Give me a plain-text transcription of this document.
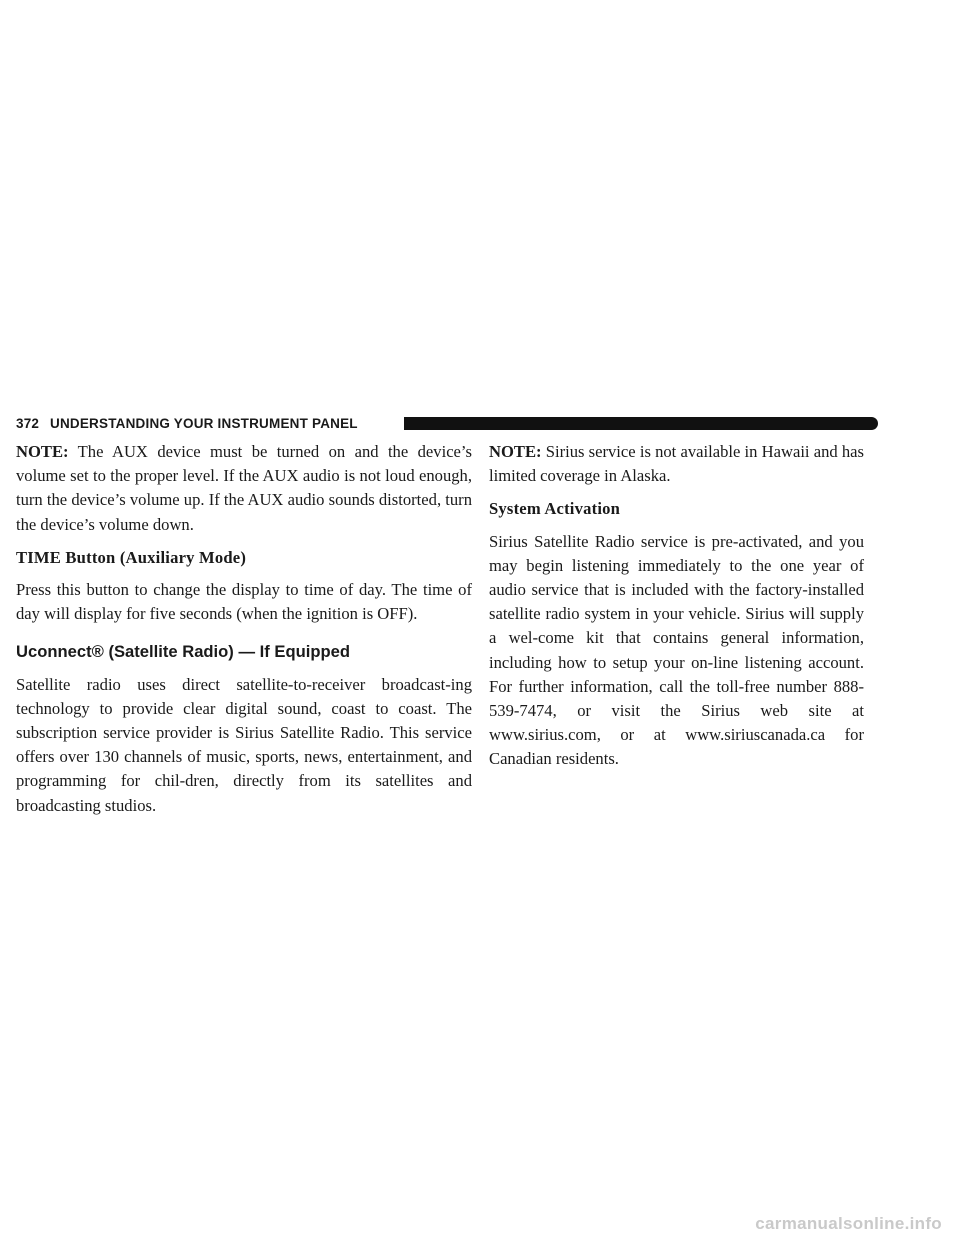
372 UNDERSTANDING YOUR INSTRUMENT PANEL

NOTE: The AUX device must be turned on and the device’s volume set to the proper level. If the AUX audio is not loud enough, turn the device’s volume up. If the AUX audio sounds distorted, turn the device’s volume down.

TIME Button (Auxiliary Mode)

Press this button to change the display to time of day. The time of day will display for five seconds (when the ignition is OFF).

Uconnect® (Satellite Radio) — If Equipped

Satellite radio uses direct satellite-to-receiver broadcast-ing technology to provide clear digital sound, coast to coast. The subscription service provider is Sirius Satellite Radio. This service offers over 130 channels of music, sports, news, entertainment, and programming for chil-dren, directly from its satellites and broadcasting studios.

NOTE: Sirius service is not available in Hawaii and has limited coverage in Alaska.

System Activation

Sirius Satellite Radio service is pre-activated, and you may begin listening immediately to the one year of audio service that is included with the factory-installed satellite radio system in your vehicle. Sirius will supply a wel-come kit that contains general information, including how to setup your on-line listening account. For further information, call the toll-free number 888-539-7474, or visit the Sirius web site at www.sirius.com, or at www.siriuscanada.ca for Canadian residents.

carmanualsonline.info
